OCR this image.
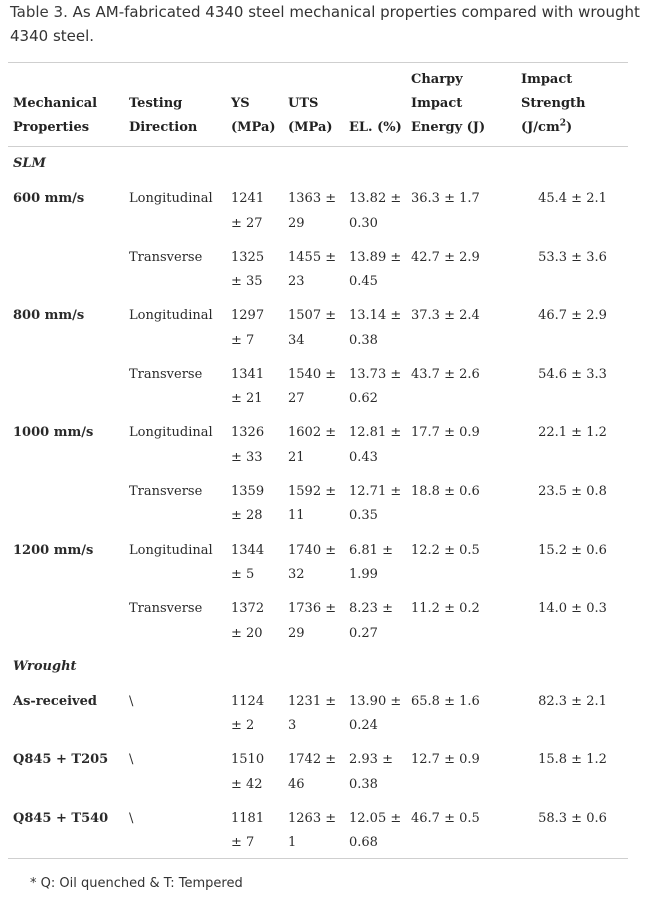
Table 3. As AM-fabricated 4340 steel mechanical properties compared with wrought 4340 steel.
Mechanical Properties	Testing Direction	YS (MPa)	UTS (MPa)	EL. (%)	Charpy Impact Energy (J)	Impact Strength $(J/cm^2)$
SLM						
600 mm/s	Longitudinal	1241 ± 27	1363 ± 29	13.82 ± 0.30	36.3 ± 1.7	45.4 ± 2.1
	Transverse	1325 ± 35	1455 ± 23	13.89 ± 0.45	42.7 ± 2.9	53.3 ± 3.6
800 mm/s	Longitudinal	1297 ± 7	1507 ± 34	13.14 ± 0.38	37.3 ± 2.4	46.7 ± 2.9
	Transverse	1341 ± 21	1540 ± 27	13.73 ± 0.62	43.7 ± 2.6	54.6 ± 3.3
1000 mm/s	Longitudinal	1326 ± 33	1602 ± 21	12.81 ± 0.43	17.7 ± 0.9	22.1 ± 1.2
	Transverse	1359 ± 28	1592 ± 11	12.71 ± 0.35	18.8 ± 0.6	23.5 ± 0.8
1200 mm/s	Longitudinal	1344 ± 5	1740 ± 32	6.81 ± 1.99	12.2 ± 0.5	15.2 ± 0.6
	Transverse	1372 ± 20	1736 ± 29	8.23 ± 0.27	11.2 ± 0.2	14.0 ± 0.3
Wrought						
As-received	\	1124 ± 2	1231 ± 3	13.90 ± 0.24	65.8 ± 1.6	82.3 ± 2.1
Q845 + T205	\	1510 ± 42	1742 ± 46	2.93 ± 0.38	12.7 ± 0.9	15.8 ± 1.2
Q845 + T540	\	1181 ± 7	1263 ± 1	12.05 ± 0.68	46.7 ± 0.5	58.3 ± 0.6
* Q: Oil quenched & T: Tempered
